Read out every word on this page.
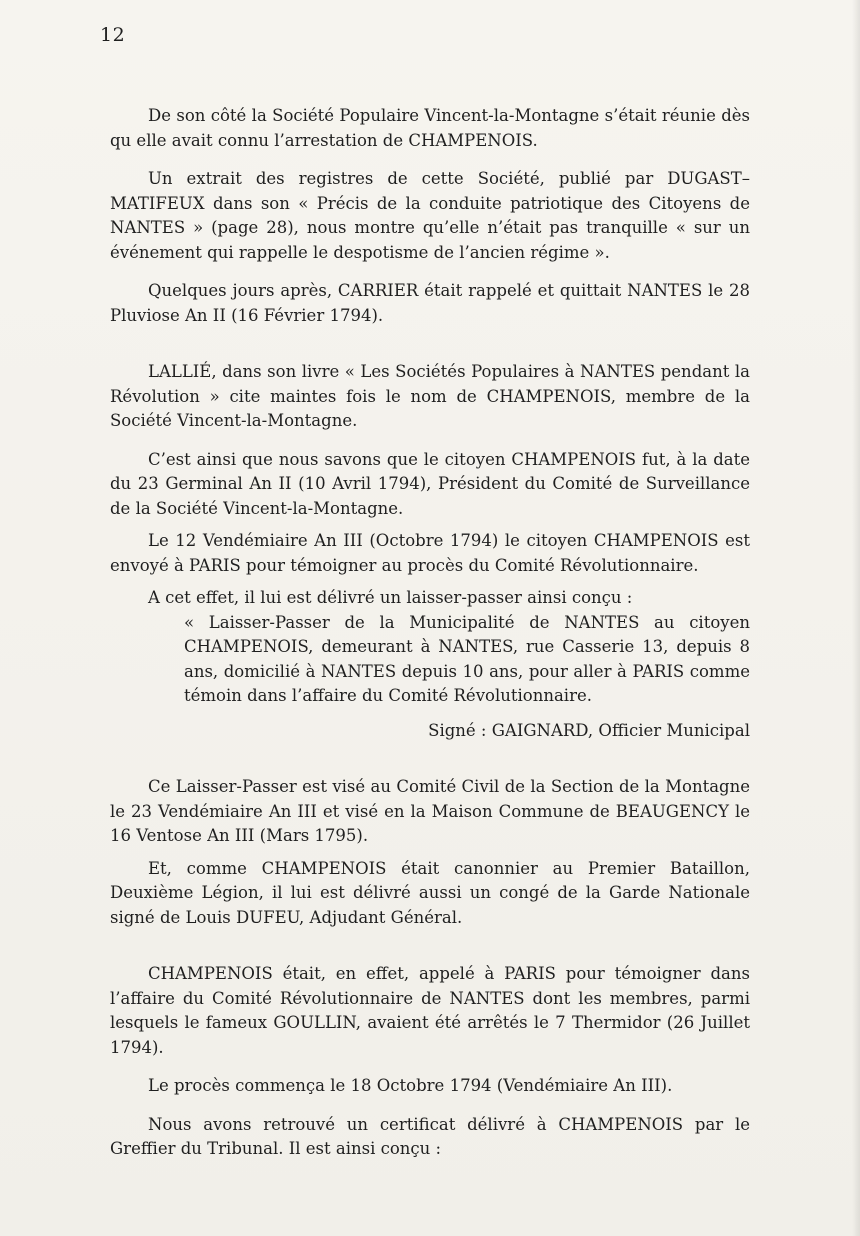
12

De son côté la Société Populaire Vincent-la-Montagne s’était réunie dès qu elle avait connu l’arrestation de CHAMPENOIS.

Un extrait des registres de cette Société, publié par DUGAST–MATIFEUX dans son « Précis de la conduite patriotique des Citoyens de NANTES » (page 28), nous montre qu’elle n’était pas tranquille « sur un événement qui rappelle le despotisme de l’ancien régime ».

Quelques jours après, CARRIER était rappelé et quittait NANTES le 28 Pluviose An II (16 Février 1794).

LALLIÉ, dans son livre « Les Sociétés Populaires à NANTES pendant la Révolution » cite maintes fois le nom de CHAMPENOIS, membre de la Société Vincent-la-Montagne.

C’est ainsi que nous savons que le citoyen CHAMPENOIS fut, à la date du 23 Germinal An II (10 Avril 1794), Président du Comité de Surveillance de la Société Vincent-la-Montagne.

Le 12 Vendémiaire An III (Octobre 1794) le citoyen CHAMPENOIS est envoyé à PARIS pour témoigner au procès du Comité Révolutionnaire.

A cet effet, il lui est délivré un laisser-passer ainsi conçu :

« Laisser-Passer de la Municipalité de NANTES au citoyen CHAMPENOIS, demeurant à NANTES, rue Casserie 13, depuis 8 ans, domicilié à NANTES depuis 10 ans, pour aller à PARIS comme témoin dans l’affaire du Comité Révolutionnaire.

Signé : GAIGNARD, Officier Municipal

Ce Laisser-Passer est visé au Comité Civil de la Section de la Montagne le 23 Vendémiaire An III et visé en la Maison Commune de BEAUGENCY le 16 Ventose An III (Mars 1795).

Et, comme CHAMPENOIS était canonnier au Premier Bataillon, Deuxième Légion, il lui est délivré aussi un congé de la Garde Nationale signé de Louis DUFEU, Adjudant Général.

CHAMPENOIS était, en effet, appelé à PARIS pour témoigner dans l’affaire du Comité Révolutionnaire de NANTES dont les membres, parmi lesquels le fameux GOULLIN, avaient été arrêtés le 7 Thermidor (26 Juillet 1794).

Le procès commença le 18 Octobre 1794 (Vendémiaire An III).

Nous avons retrouvé un certificat délivré à CHAMPENOIS par le Greffier du Tribunal. Il est ainsi conçu :
